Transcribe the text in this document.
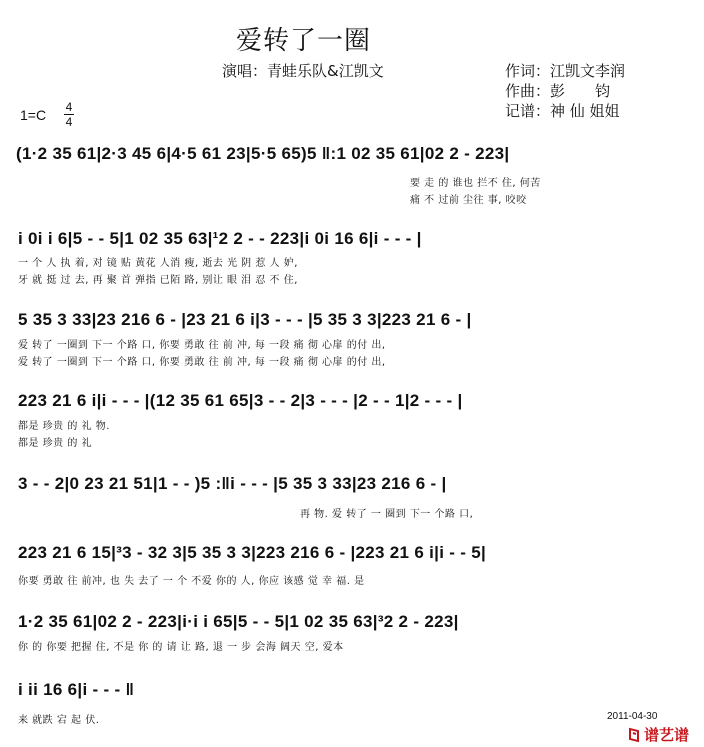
爱转了一圈
演唱：青蛙乐队&江凯文	作词：江凯文李润
作曲：彭　　钧
记谱：神 仙 姐姐
1=C 4
4
(1·2 35 61|2·3 45 6|4·5 61 23|5·5 65)5 ‖:1 02 35 61|02 2 - 223|
要 走 的 谁也 拦不 住, 何苦
痛 不 过前 尘往 事, 咬咬
i 0i i 6|5 - - 5|1 02 35 63|¹2 2 - - 223|i 0i 16 6|i - - - |
一 个 人 执 着, 对 镜 贴 黄花 人消 瘦, 逝去 光 阴 惹 人 妒,
牙 就 挺 过 去, 再 聚 首 弹指 已陌 路, 别让 眼 泪 忍 不 住,
5 35 3 33|23 216 6 - |23 21 6 i|3 - - - |5 35 3 3|223 21 6 - |
爱 转了 一圈到 下一 个路 口, 你要 勇敢 往 前 冲, 每 一段 痛 彻 心扉 的付 出,
爱 转了 一圈到 下一 个路 口, 你要 勇敢 往 前 冲, 每 一段 痛 彻 心扉 的付 出,
223 21 6 i|i - - - |(12 35 61 65|3 - - 2|3 - - - |2 - - 1|2 - - - |
都是 珍贵 的 礼 物.
都是 珍贵 的 礼
3 - - 2|0 23 21 51|1 - - )5 :‖i - - - |5 35 3 33|23 216 6 - |
再 物. 爱 转了 一 圈到 下一 个路 口,
223 21 6 15|³3 - 32 3|5 35 3 3|223 216 6 - |223 21 6 i|i - - 5|
你要 勇敢 往 前冲, 也 失 去了 一 个 不爱 你的 人, 你应 该感 觉 幸 福. 是
1·2 35 61|02 2 - 223|i·i i 65|5 - - 5|1 02 35 63|³2 2 - 223|
你 的 你要 把握 住, 不是 你 的 请 让 路, 退 一 步 会海 阔天 空, 爱本
i ii 16 6|i - - - ‖
来 就跌 宕 起 伏.	2011-04-30
谱艺谱
